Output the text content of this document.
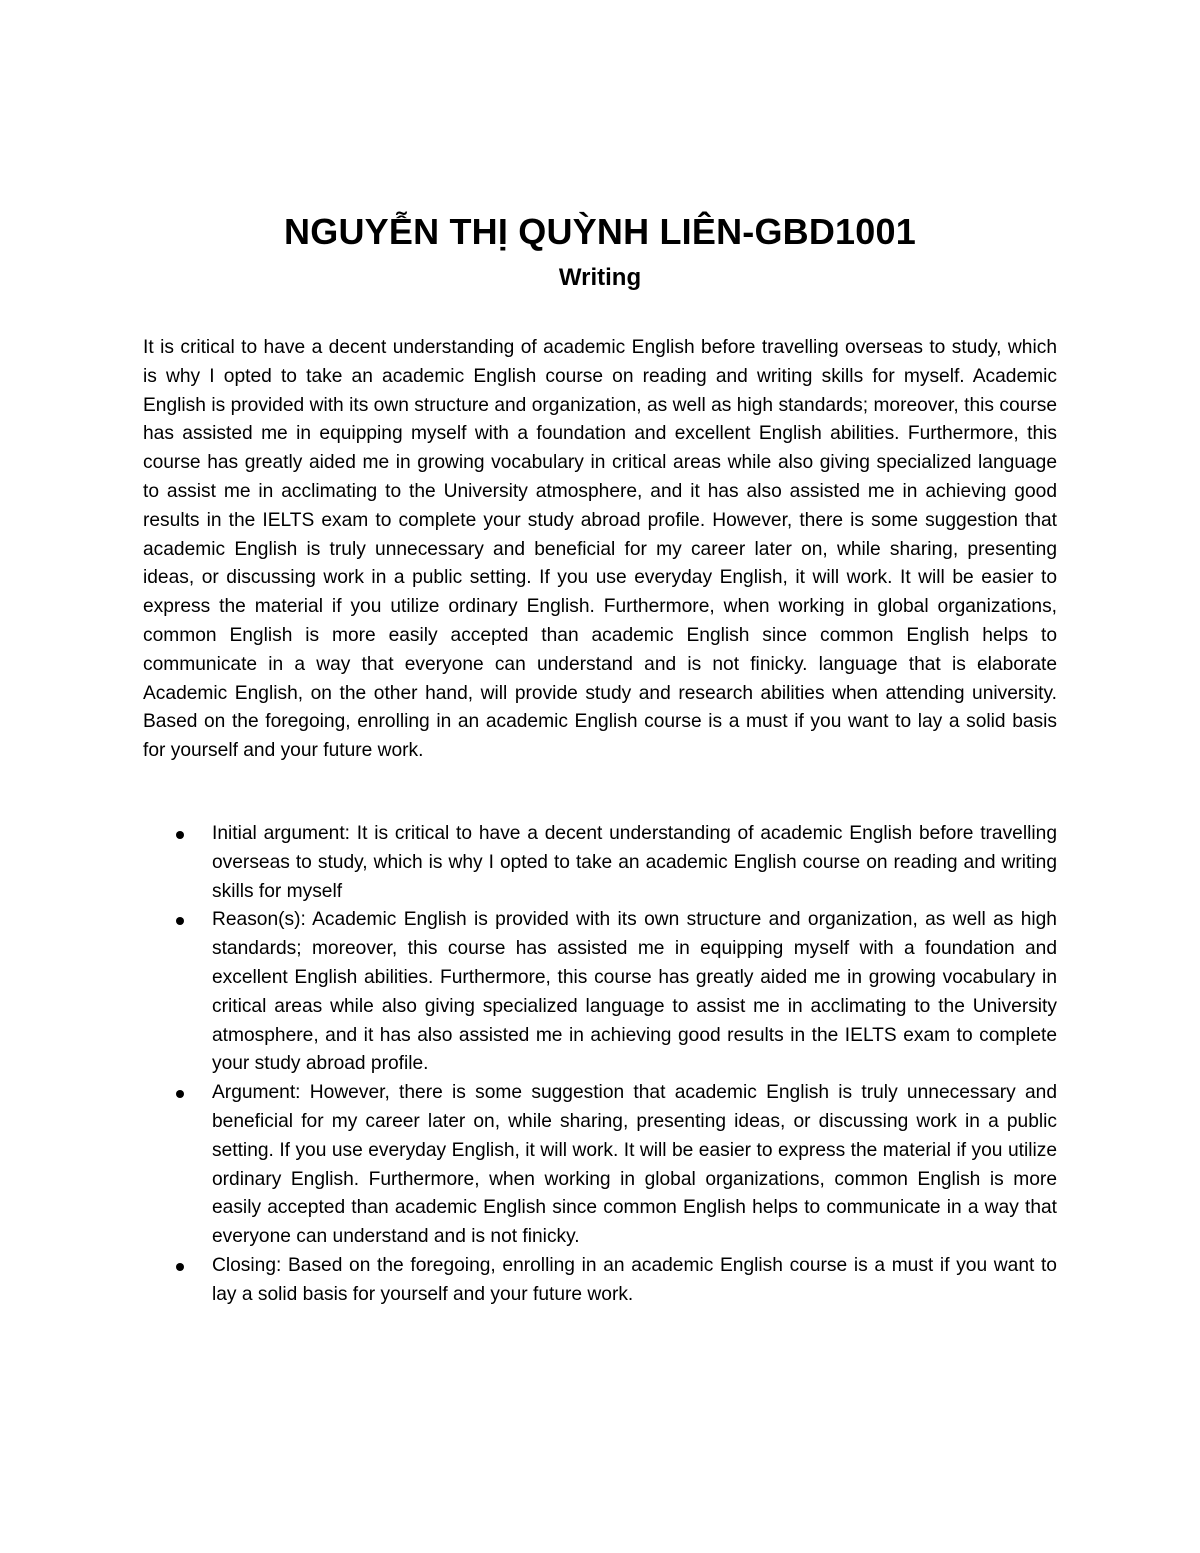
NGUYỄN THỊ QUỲNH LIÊN-GBD1001
Writing

It is critical to have a decent understanding of academic English before travelling overseas to study, which is why I opted to take an academic English course on reading and writing skills for myself. Academic English is provided with its own structure and organization, as well as high standards; moreover, this course has assisted me in equipping myself with a foundation and excellent English abilities. Furthermore, this course has greatly aided me in growing vocabulary in critical areas while also giving specialized language to assist me in acclimating to the University atmosphere, and it has also assisted me in achieving good results in the IELTS exam to complete your study abroad profile. However, there is some suggestion that academic English is truly unnecessary and beneficial for my career later on, while sharing, presenting ideas, or discussing work in a public setting. If you use everyday English, it will work. It will be easier to express the material if you utilize ordinary English. Furthermore, when working in global organizations, common English is more easily accepted than academic English since common English helps to communicate in a way that everyone can understand and is not finicky. language that is elaborate Academic English, on the other hand, will provide study and research abilities when attending university. Based on the foregoing, enrolling in an academic English course is a must if you want to lay a solid basis for yourself and your future work.

Initial argument: It is critical to have a decent understanding of academic English before travelling overseas to study, which is why I opted to take an academic English course on reading and writing skills for myself
Reason(s): Academic English is provided with its own structure and organization, as well as high standards; moreover, this course has assisted me in equipping myself with a foundation and excellent English abilities. Furthermore, this course has greatly aided me in growing vocabulary in critical areas while also giving specialized language to assist me in acclimating to the University atmosphere, and it has also assisted me in achieving good results in the IELTS exam to complete your study abroad profile.
Argument: However, there is some suggestion that academic English is truly unnecessary and beneficial for my career later on, while sharing, presenting ideas, or discussing work in a public setting. If you use everyday English, it will work. It will be easier to express the material if you utilize ordinary English. Furthermore, when working in global organizations, common English is more easily accepted than academic English since common English helps to communicate in a way that everyone can understand and is not finicky.
Closing: Based on the foregoing, enrolling in an academic English course is a must if you want to lay a solid basis for yourself and your future work.
